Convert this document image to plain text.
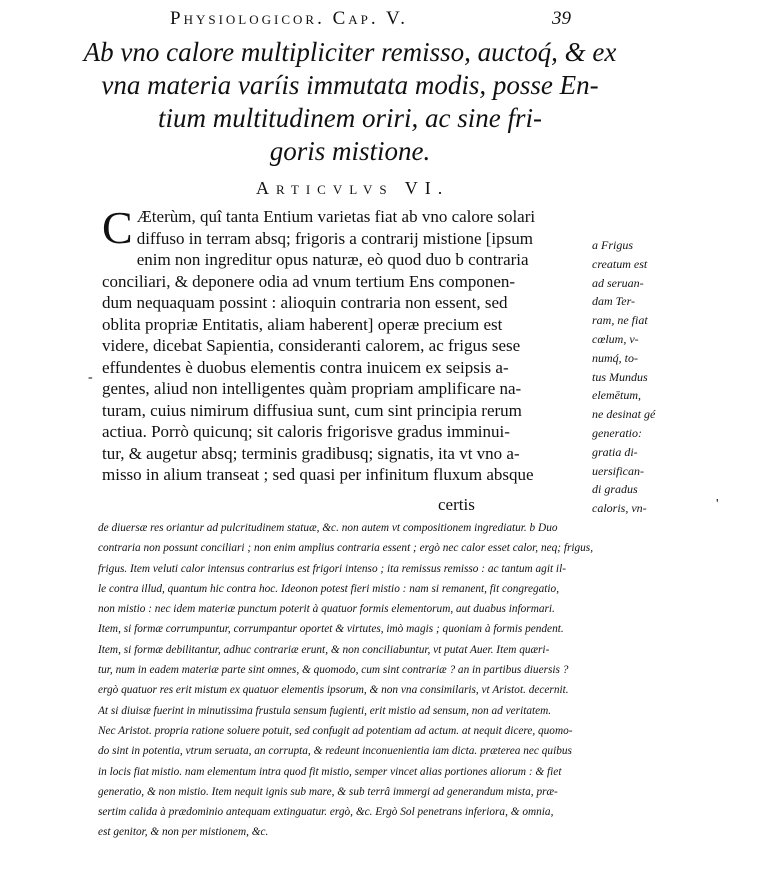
Physiologicor. Cap. V.	39
Ab vno calore multipliciter remisso, auctoq́, & ex
vna materia varíis immutata modis, posse En-
tium multitudinem oriri, ac sine fri-
goris mistione.
Articvlvs VI.
C Æterùm, quî tanta Entium varietas fiat ab vno calore solari
diffuso in terram absq; frigoris a contrarij mistione [ipsum
enim non ingreditur opus naturæ, eò quod duo b contraria
conciliari, & deponere odia ad vnum tertium Ens componen-
dum nequaquam possint : alioquin contraria non essent, sed
oblita propriæ Entitatis, aliam haberent] operæ precium est
videre, dicebat Sapientia, consideranti calorem, ac frigus sese
effundentes è duobus elementis contra inuicem ex seipsis a-
gentes, aliud non intelligentes quàm propriam amplificare na-
turam, cuius nimirum diffusiua sunt, cum sint principia rerum
actiua. Porrò quicunq; sit caloris frigorisve gradus imminui-
tur, & augetur absq; terminis gradibusq; signatis, ita vt vno a-
misso in alium transeat ; sed quasi per infinitum fluxum absque
certis
-
'
a Frigus
creatum est
ad seruan-
dam Ter-
ram, ne fiat
cœlum, v-
numq́, to-
tus Mundus
elemētum,
ne desinat gé
generatio:
gratia di-
uersifican-
di gradus
caloris, vn-
de diuersæ res oriantur ad pulcritudinem statuæ, &c. non autem vt compositionem ingrediatur. b Duo
contraria non possunt conciliari ; non enim amplius contraria essent ; ergò nec calor esset calor, neq; frigus,
frigus. Item veluti calor intensus contrarius est frigori intenso ; ita remissus remisso : ac tantum agit il-
le contra illud, quantum hic contra hoc. Ideonon potest fieri mistio : nam si remanent, fit congregatio,
non mistio : nec idem materiæ punctum poterit à quatuor formis elementorum, aut duabus informari.
Item, si formæ corrumpuntur, corrumpantur oportet & virtutes, imò magis ; quoniam à formis pendent.
Item, si formæ debilitantur, adhuc contrariæ erunt, & non conciliabuntur, vt putat Auer. Item quæri-
tur, num in eadem materiæ parte sint omnes, & quomodo, cum sint contrariæ ? an in partibus diuersis ?
ergò quatuor res erit mistum ex quatuor elementis ipsorum, & non vna consimilaris, vt Aristot. decernit.
At si diuisæ fuerint in minutissima frustula sensum fugienti, erit mistio ad sensum, non ad veritatem.
Nec Aristot. propria ratione soluere potuit, sed confugit ad potentiam ad actum. at nequit dicere, quomo-
do sint in potentia, vtrum seruata, an corrupta, & redeunt inconuenientia iam dicta. præterea nec quibus
in locis fiat mistio. nam elementum intra quod fit mistio, semper vincet alias portiones aliorum : & fiet
generatio, & non mistio. Item nequit ignis sub mare, & sub terrâ immergi ad generandum mista, præ-
sertim calida à prædominio antequam extinguatur. ergò, &c. Ergò Sol penetrans inferiora, & omnia,
est genitor, & non per mistionem, &c.
